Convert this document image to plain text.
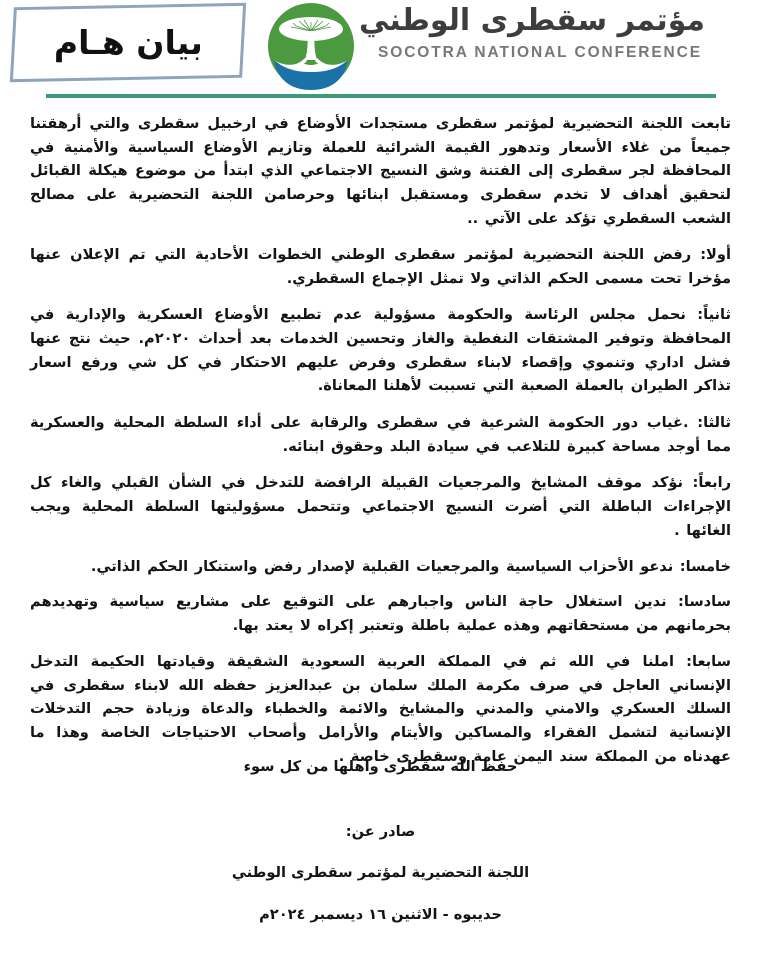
مؤتمر سقطرى الوطني
SOCOTRA NATIONAL CONFERENCE
بيان هـام

تابعت اللجنة التحضيرية لمؤتمر سقطرى مستجدات الأوضاع في ارخبيل سقطرى والتي أرهقتنا جميعاً من غلاء الأسعار وتدهور القيمة الشرائية للعملة وتازيم الأوضاع السياسية والأمنية في المحافظة لجر سقطرى إلى الفتنة وشق النسيج الاجتماعي الذي ابتدأ من موضوع هيكلة القبائل لتحقيق أهداف لا تخدم سقطرى ومستقبل ابنائها وحرصامن اللجنة التحضيرية على مصالح الشعب السقطري تؤكد على الآتي ..

أولا: رفض اللجنة التحضيرية لمؤتمر سقطرى الوطني الخطوات الأحادية التي تم الإعلان عنها مؤخرا تحت مسمى الحكم الذاتي ولا تمثل الإجماع السقطري.

ثانياً: نحمل مجلس الرئاسة والحكومة مسؤولية عدم تطبيع الأوضاع العسكرية والإدارية في المحافظة وتوفير المشتقات النفطية والغاز وتحسين الخدمات بعد أحداث ٢٠٢٠م. حيث نتج عنها فشل اداري وتنموي وإقصاء لابناء سقطرى وفرض عليهم الاحتكار في كل شي ورفع اسعار تذاكر الطيران بالعملة الصعبة التي تسببت لأهلنا المعاناة.

ثالثا: .غياب دور الحكومة الشرعية في سقطرى والرقابة على أداء السلطة المحلية والعسكرية مما أوجد مساحة كبيرة للتلاعب في سيادة البلد وحقوق ابنائه.

رابعاً: نؤكد موقف المشايخ والمرجعيات القبيلة الرافضة للتدخل في الشأن القبلي والغاء كل الإجراءات الباطلة التي أضرت النسيج الاجتماعي وتتحمل مسؤوليتها السلطة المحلية ويجب الغائها .

خامسا: ندعو الأحزاب السياسية والمرجعيات القبلية لإصدار رفض واستنكار الحكم الذاتي.

سادسا: ندين استغلال حاجة الناس واجبارهم على التوقيع على مشاريع سياسية وتهديدهم بحرمانهم من مستحقاتهم وهذه عملية باطلة وتعتبر إكراه لا يعتد بها.

سابعا: املنا في الله ثم في المملكة العربية السعودية الشقيقة وقيادتها الحكيمة التدخل الإنساني العاجل في صرف مكرمة الملك سلمان بن عبدالعزيز حفظه الله لابناء سقطرى في السلك العسكري والامني والمدني والمشايخ والائمة والخطباء والدعاة وزيادة حجم التدخلات الإنسانية لتشمل الفقراء والمساكين والأيتام والأرامل وأصحاب الاحتياجات الخاصة وهذا ما عهدناه من المملكة سند اليمن عامة وسقطرى خاصة .

حفظ الله سقطرى واهلها من كل سوء
صادر عن:
اللجنة التحضيرية لمؤتمر سقطرى الوطني
حديبوه - الاثنين ١٦ ديسمبر ٢٠٢٤م
